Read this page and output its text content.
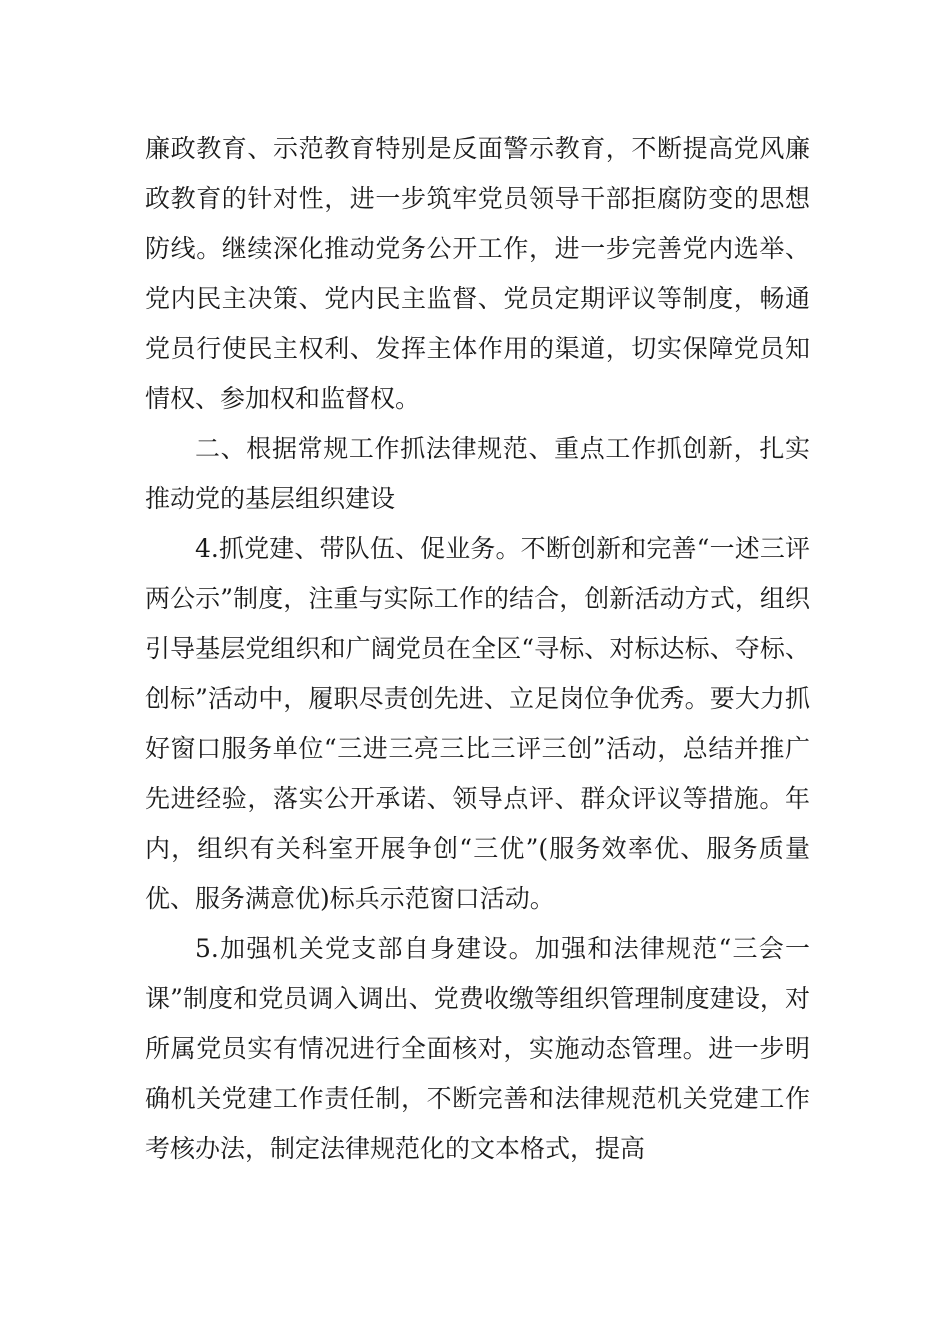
廉政教育、示范教育特别是反面警示教育，不断提高党风廉政教育的针对性，进一步筑牢党员领导干部拒腐防变的思想防线。继续深化推动党务公开工作，进一步完善党内选举、党内民主决策、党内民主监督、党员定期评议等制度，畅通党员行使民主权利、发挥主体作用的渠道，切实保障党员知情权、参加权和监督权。

二、根据常规工作抓法律规范、重点工作抓创新，扎实推动党的基层组织建设

4.抓党建、带队伍、促业务。不断创新和完善“一述三评两公示”制度，注重与实际工作的结合，创新活动方式，组织引导基层党组织和广阔党员在全区“寻标、对标达标、夺标、创标”活动中，履职尽责创先进、立足岗位争优秀。要大力抓好窗口服务单位“三进三亮三比三评三创”活动，总结并推广先进经验，落实公开承诺、领导点评、群众评议等措施。年内，组织有关科室开展争创“三优”(服务效率优、服务质量优、服务满意优)标兵示范窗口活动。

5.加强机关党支部自身建设。加强和法律规范“三会一课”制度和党员调入调出、党费收缴等组织管理制度建设，对所属党员实有情况进行全面核对，实施动态管理。进一步明确机关党建工作责任制，不断完善和法律规范机关党建工作考核办法，制定法律规范化的文本格式，提高
